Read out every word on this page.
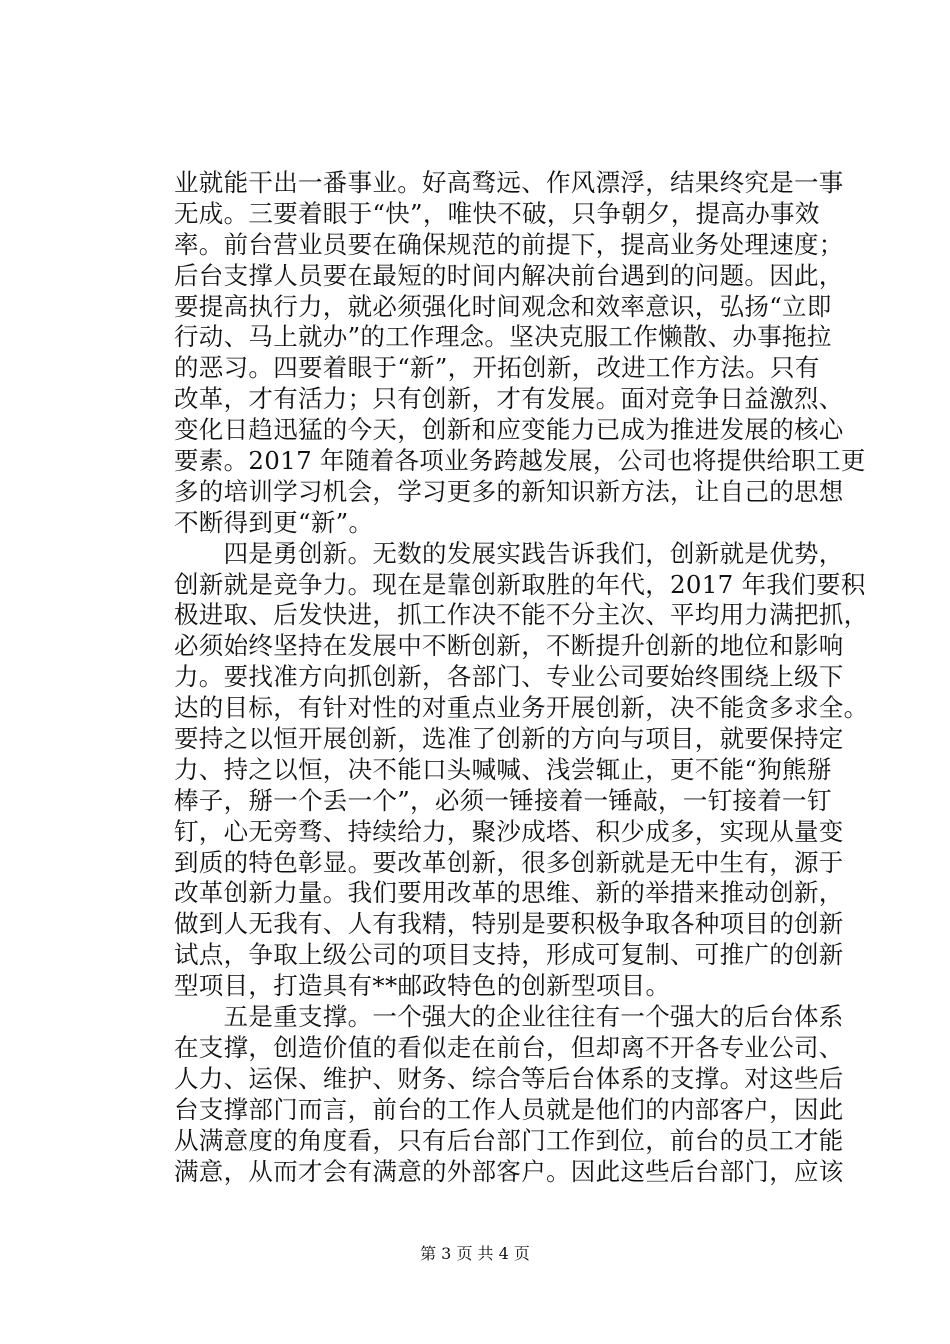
业就能干出一番事业。好高骛远、作风漂浮，结果终究是一事
无成。三要着眼于“快”，唯快不破，只争朝夕，提高办事效
率。前台营业员要在确保规范的前提下，提高业务处理速度；
后台支撑人员要在最短的时间内解决前台遇到的问题。因此，
要提高执行力，就必须强化时间观念和效率意识，弘扬“立即
行动、马上就办”的工作理念。坚决克服工作懒散、办事拖拉
的恶习。四要着眼于“新”，开拓创新，改进工作方法。只有
改革，才有活力；只有创新，才有发展。面对竞争日益激烈、
变化日趋迅猛的今天，创新和应变能力已成为推进发展的核心
要素。2017 年随着各项业务跨越发展，公司也将提供给职工更
多的培训学习机会，学习更多的新知识新方法，让自己的思想
不断得到更“新”。
　　四是勇创新。无数的发展实践告诉我们，创新就是优势，
创新就是竞争力。现在是靠创新取胜的年代，2017 年我们要积
极进取、后发快进，抓工作决不能不分主次、平均用力满把抓，
必须始终坚持在发展中不断创新，不断提升创新的地位和影响
力。要找准方向抓创新，各部门、专业公司要始终围绕上级下
达的目标，有针对性的对重点业务开展创新，决不能贪多求全。
要持之以恒开展创新，选准了创新的方向与项目，就要保持定
力、持之以恒，决不能口头喊喊、浅尝辄止，更不能“狗熊掰
棒子，掰一个丢一个”，必须一锤接着一锤敲，一钉接着一钉
钉，心无旁骛、持续给力，聚沙成塔、积少成多，实现从量变
到质的特色彰显。要改革创新，很多创新就是无中生有，源于
改革创新力量。我们要用改革的思维、新的举措来推动创新，
做到人无我有、人有我精，特别是要积极争取各种项目的创新
试点，争取上级公司的项目支持，形成可复制、可推广的创新
型项目，打造具有**邮政特色的创新型项目。
　　五是重支撑。一个强大的企业往往有一个强大的后台体系
在支撑，创造价值的看似走在前台，但却离不开各专业公司、
人力、运保、维护、财务、综合等后台体系的支撑。对这些后
台支撑部门而言，前台的工作人员就是他们的内部客户，因此
从满意度的角度看，只有后台部门工作到位，前台的员工才能
满意，从而才会有满意的外部客户。因此这些后台部门，应该
第 3 页 共 4 页
